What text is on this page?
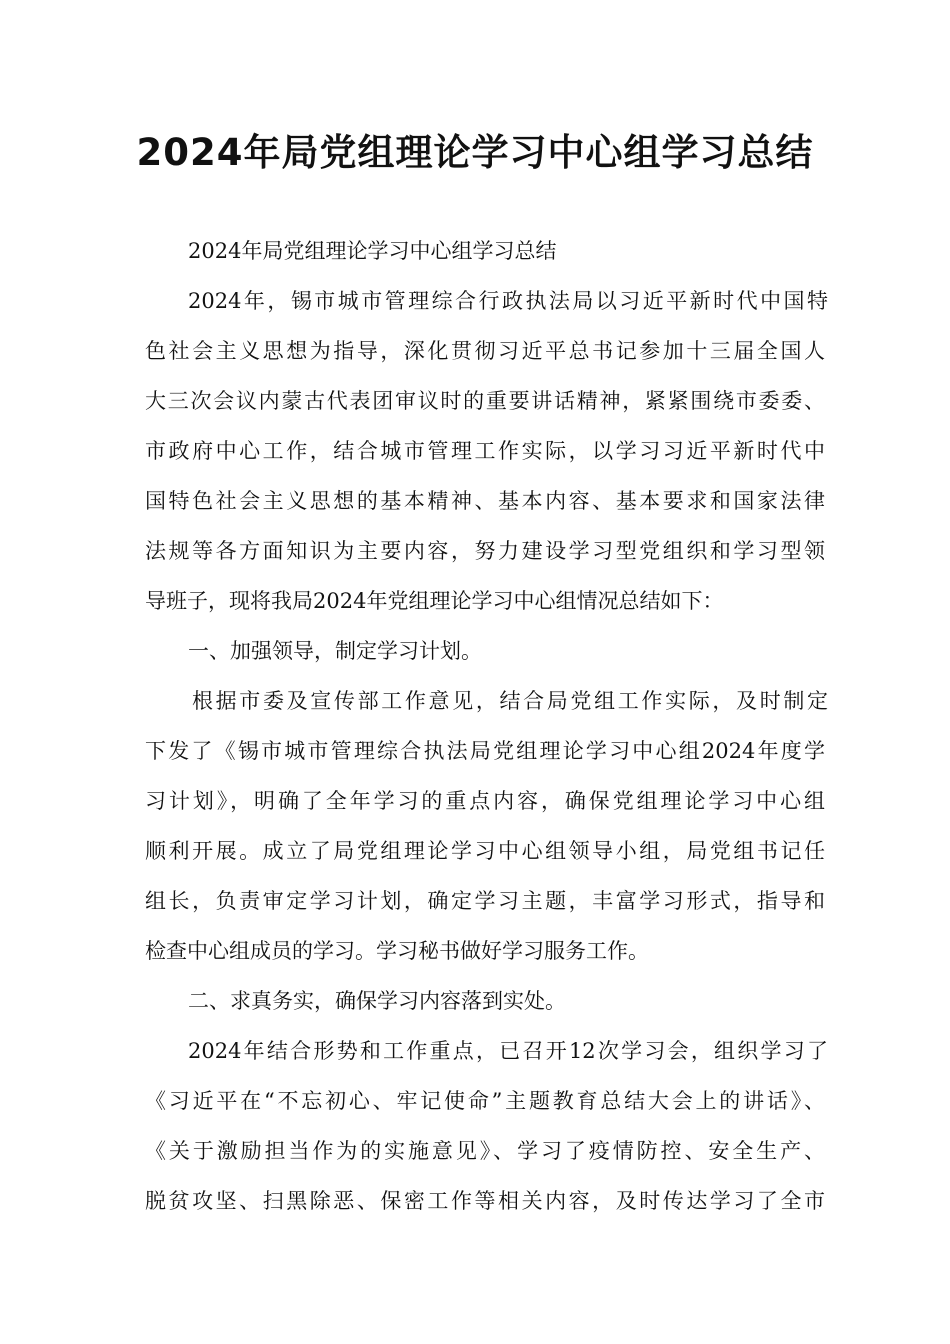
2024年局党组理论学习中心组学习总结
2024年局党组理论学习中心组学习总结
2024年，锡市城市管理综合行政执法局以习近平新时代中国特
色社会主义思想为指导，深化贯彻习近平总书记参加十三届全国人
大三次会议内蒙古代表团审议时的重要讲话精神，紧紧围绕市委委、
市政府中心工作，结合城市管理工作实际，以学习习近平新时代中
国特色社会主义思想的基本精神、基本内容、基本要求和国家法律
法规等各方面知识为主要内容，努力建设学习型党组织和学习型领
导班子，现将我局2024年党组理论学习中心组情况总结如下：
一、加强领导，制定学习计划。
根据市委及宣传部工作意见，结合局党组工作实际，及时制定
下发了《锡市城市管理综合执法局党组理论学习中心组2024年度学
习计划》，明确了全年学习的重点内容，确保党组理论学习中心组
顺利开展。成立了局党组理论学习中心组领导小组，局党组书记任
组长，负责审定学习计划，确定学习主题，丰富学习形式，指导和
检查中心组成员的学习。学习秘书做好学习服务工作。
二、求真务实，确保学习内容落到实处。
2024年结合形势和工作重点，已召开12次学习会，组织学习了
《习近平在“不忘初心、牢记使命”主题教育总结大会上的讲话》、
《关于激励担当作为的实施意见》、学习了疫情防控、安全生产、
脱贫攻坚、扫黑除恶、保密工作等相关内容，及时传达学习了全市
